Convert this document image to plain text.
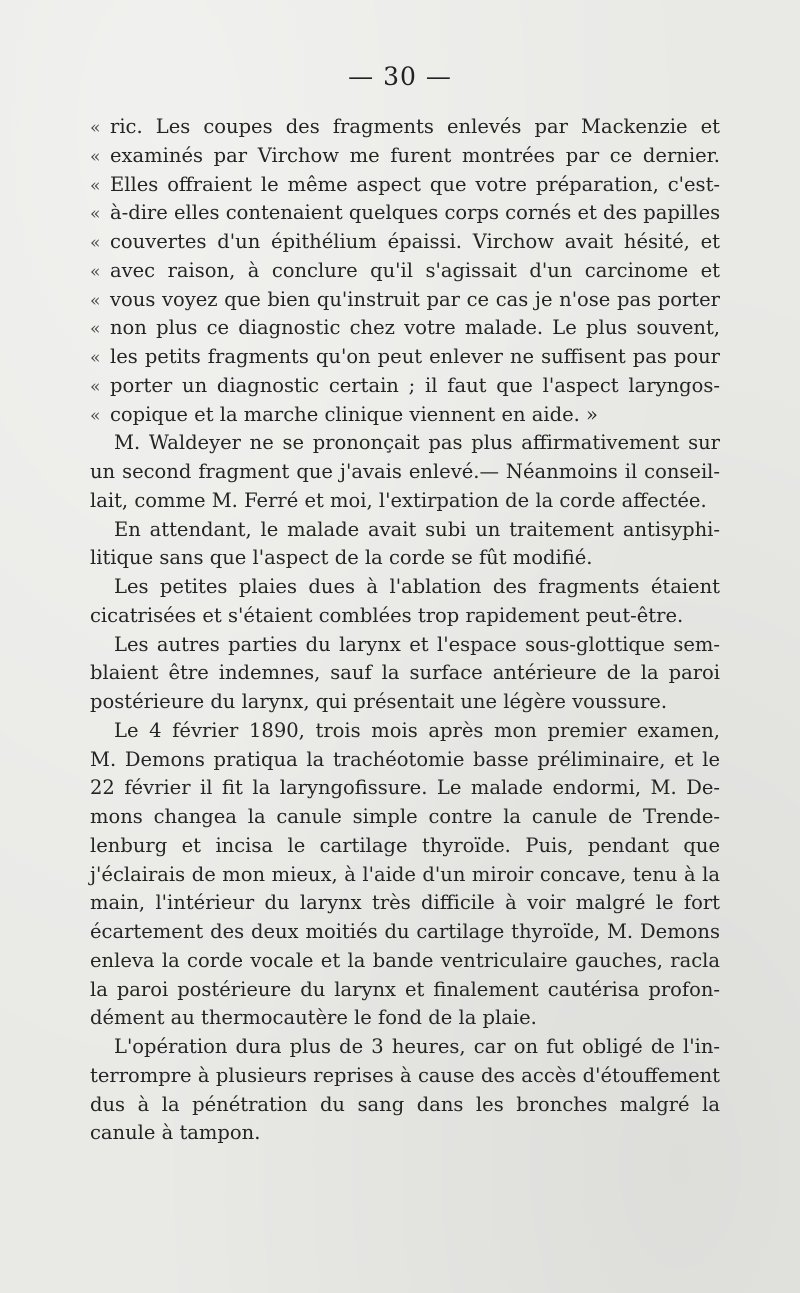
— 30 —
« ric. Les coupes des fragments enlevés par Mackenzie et
« examinés par Virchow me furent montrées par ce dernier.
« Elles offraient le même aspect que votre préparation, c'est-
« à-dire elles contenaient quelques corps cornés et des papilles
« couvertes d'un épithélium épaissi. Virchow avait hésité, et
« avec raison, à conclure qu'il s'agissait d'un carcinome et
« vous voyez que bien qu'instruit par ce cas je n'ose pas porter
« non plus ce diagnostic chez votre malade. Le plus souvent,
« les petits fragments qu'on peut enlever ne suffisent pas pour
« porter un diagnostic certain ; il faut que l'aspect laryngos-
« copique et la marche clinique viennent en aide. »
M. Waldeyer ne se prononçait pas plus affirmativement sur
un second fragment que j'avais enlevé.— Néanmoins il conseil-
lait, comme M. Ferré et moi, l'extirpation de la corde affectée.
En attendant, le malade avait subi un traitement antisyphi-
litique sans que l'aspect de la corde se fût modifié.
Les petites plaies dues à l'ablation des fragments étaient
cicatrisées et s'étaient comblées trop rapidement peut-être.
Les autres parties du larynx et l'espace sous-glottique sem-
blaient être indemnes, sauf la surface antérieure de la paroi
postérieure du larynx, qui présentait une légère voussure.
Le 4 février 1890, trois mois après mon premier examen,
M. Demons pratiqua la trachéotomie basse préliminaire, et le
22 février il fit la laryngofissure. Le malade endormi, M. De-
mons changea la canule simple contre la canule de Trende-
lenburg et incisa le cartilage thyroïde. Puis, pendant que
j'éclairais de mon mieux, à l'aide d'un miroir concave, tenu à la
main, l'intérieur du larynx très difficile à voir malgré le fort
écartement des deux moitiés du cartilage thyroïde, M. Demons
enleva la corde vocale et la bande ventriculaire gauches, racla
la paroi postérieure du larynx et finalement cautérisa profon-
dément au thermocautère le fond de la plaie.
L'opération dura plus de 3 heures, car on fut obligé de l'in-
terrompre à plusieurs reprises à cause des accès d'étouffement
dus à la pénétration du sang dans les bronches malgré la
canule à tampon.
